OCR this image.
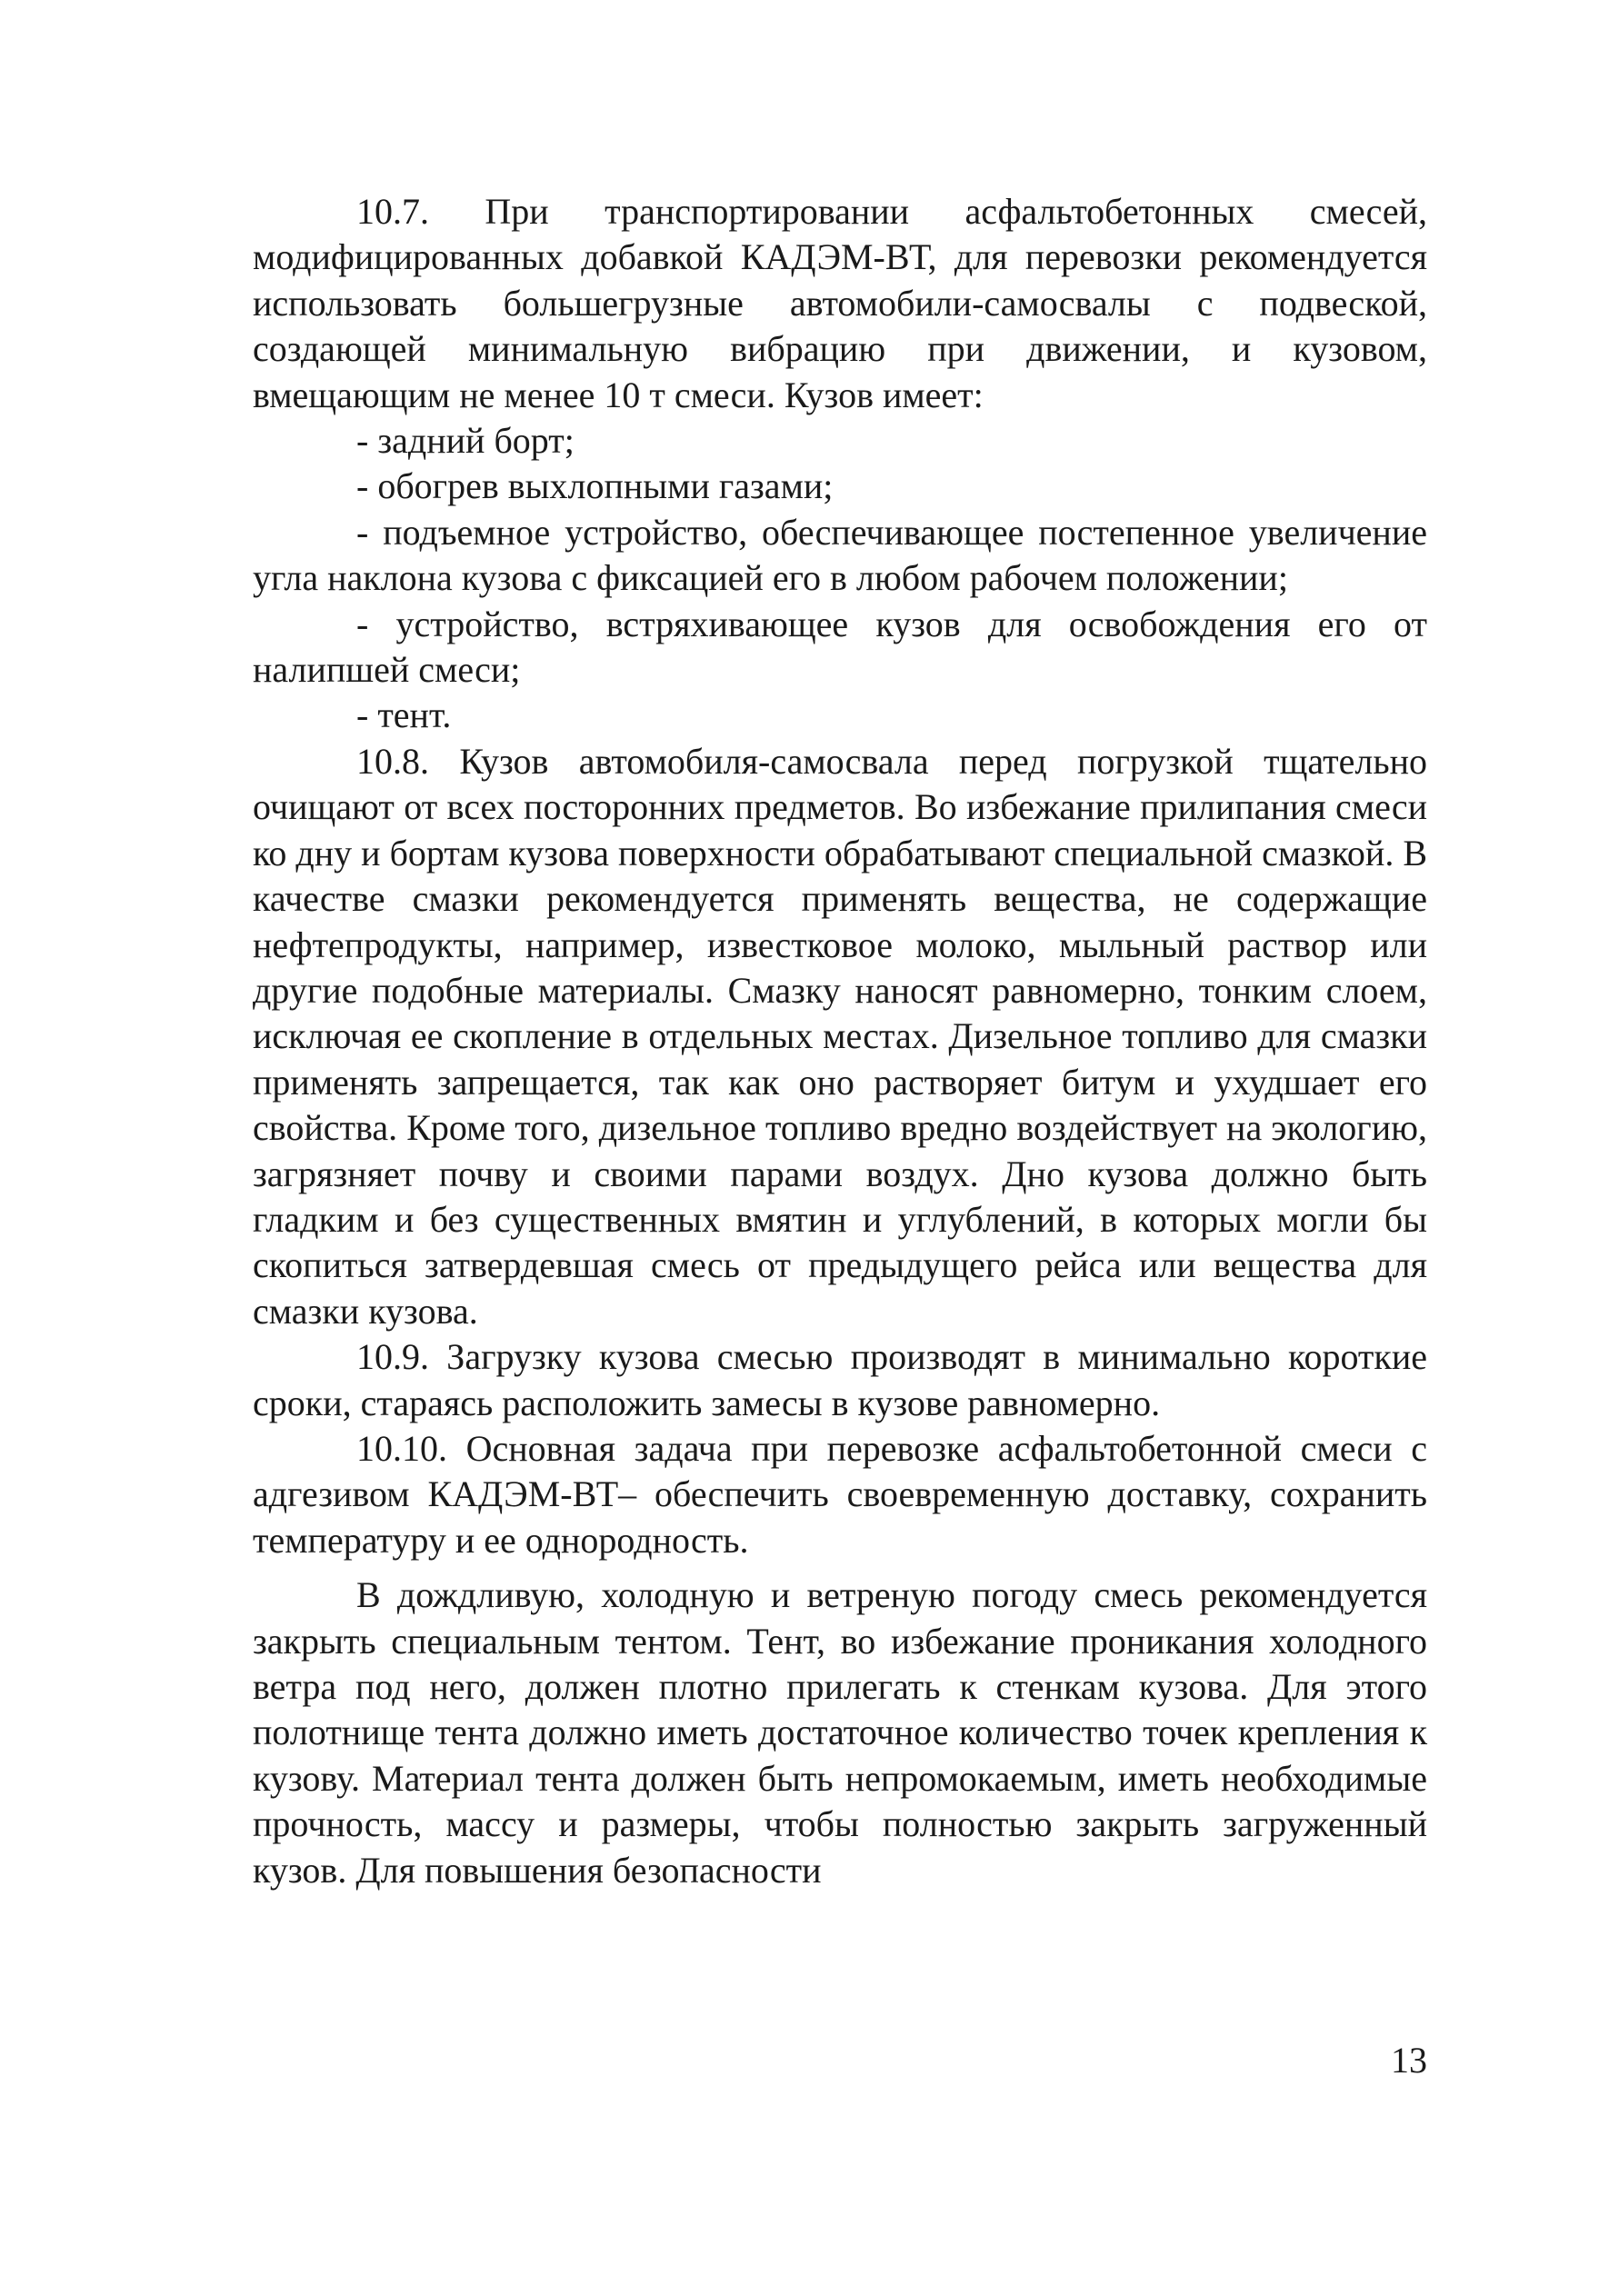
10.7. При транспортировании асфальтобетонных смесей, модифицированных добавкой КАДЭМ-ВТ, для перевозки рекомендуется использовать большегрузные автомобили-самосвалы с подвеской, создающей минимальную вибрацию при движении, и кузовом, вмещающим не менее 10 т смеси. Кузов имеет:

- задний борт;

- обогрев выхлопными газами;

- подъемное устройство, обеспечивающее постепенное увеличение угла наклона кузова с фиксацией его в любом рабочем положении;

- устройство, встряхивающее кузов для освобождения его от налипшей смеси;

- тент.

10.8. Кузов автомобиля-самосвала перед погрузкой тщательно очищают от всех посторонних предметов. Во избежание прилипания смеси ко дну и бортам кузова поверхности обрабатывают специальной смазкой. В качестве смазки рекомендуется применять вещества, не содержащие нефтепродукты, например, известковое молоко, мыльный раствор или другие подобные материалы. Смазку наносят равномерно, тонким слоем, исключая ее скопление в отдельных местах. Дизельное топливо для смазки применять запрещается, так как оно растворяет битум и ухудшает его свойства. Кроме того, дизельное топливо вредно воздействует на экологию, загрязняет почву и своими парами воздух. Дно кузова должно быть гладким и без существенных вмятин и углублений, в которых могли бы скопиться затвердевшая смесь от предыдущего рейса или вещества для смазки кузова.

10.9. Загрузку кузова смесью производят в минимально короткие сроки, стараясь расположить замесы в кузове равномерно.

10.10. Основная задача при перевозке асфальтобетонной смеси с адгезивом КАДЭМ-ВТ– обеспечить своевременную доставку, сохранить температуру и ее однородность.

В дождливую, холодную и ветреную погоду смесь рекомендуется закрыть специальным тентом. Тент, во избежание проникания холодного ветра под него, должен плотно прилегать к стенкам кузова. Для этого полотнище тента должно иметь достаточное количество точек крепления к кузову. Материал тента должен быть непромокаемым, иметь необходимые прочность, массу и размеры, чтобы полностью закрыть загруженный кузов. Для повышения безопасности

13
